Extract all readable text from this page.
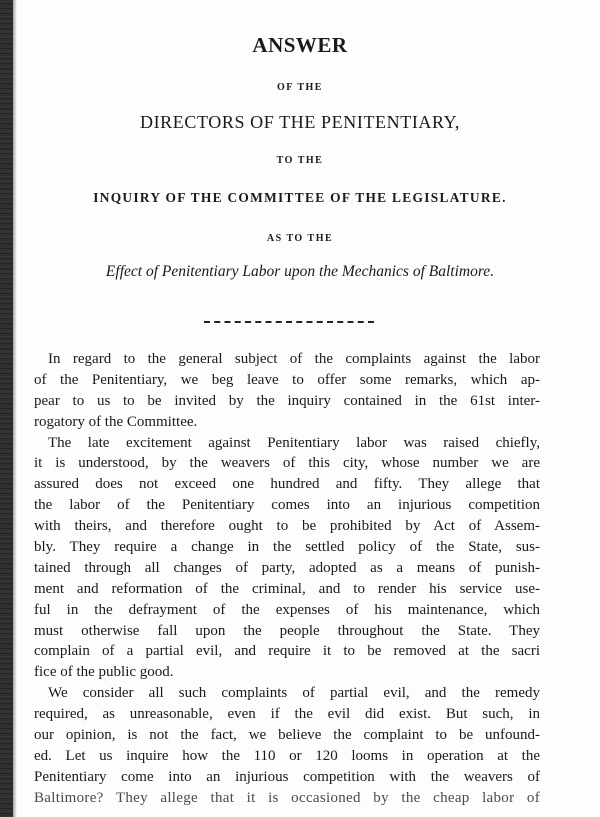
ANSWER
OF THE
DIRECTORS OF THE PENITENTIARY,
TO THE
INQUIRY OF THE COMMITTEE OF THE LEGISLATURE.
AS TO THE
Effect of Penitentiary Labor upon the Mechanics of Baltimore.
In regard to the general subject of the complaints against the labor
of the Penitentiary, we beg leave to offer some remarks, which ap-
pear to us to be invited by the inquiry contained in the 61st inter-
rogatory of the Committee.
The late excitement against Penitentiary labor was raised chiefly,
it is understood, by the weavers of this city, whose number we are
assured does not exceed one hundred and fifty. They allege that
the labor of the Penitentiary comes into an injurious competition
with theirs, and therefore ought to be prohibited by Act of Assem-
bly. They require a change in the settled policy of the State, sus-
tained through all changes of party, adopted as a means of punish-
ment and reformation of the criminal, and to render his service use-
ful in the defrayment of the expenses of his maintenance, which
must otherwise fall upon the people throughout the State. They
complain of a partial evil, and require it to be removed at the sacri
fice of the public good.
We consider all such complaints of partial evil, and the remedy
required, as unreasonable, even if the evil did exist. But such, in
our opinion, is not the fact, we believe the complaint to be unfound-
ed. Let us inquire how the 110 or 120 looms in operation at the
Penitentiary come into an injurious competition with the weavers of
Baltimore? They allege that it is occasioned by the cheap labor of
